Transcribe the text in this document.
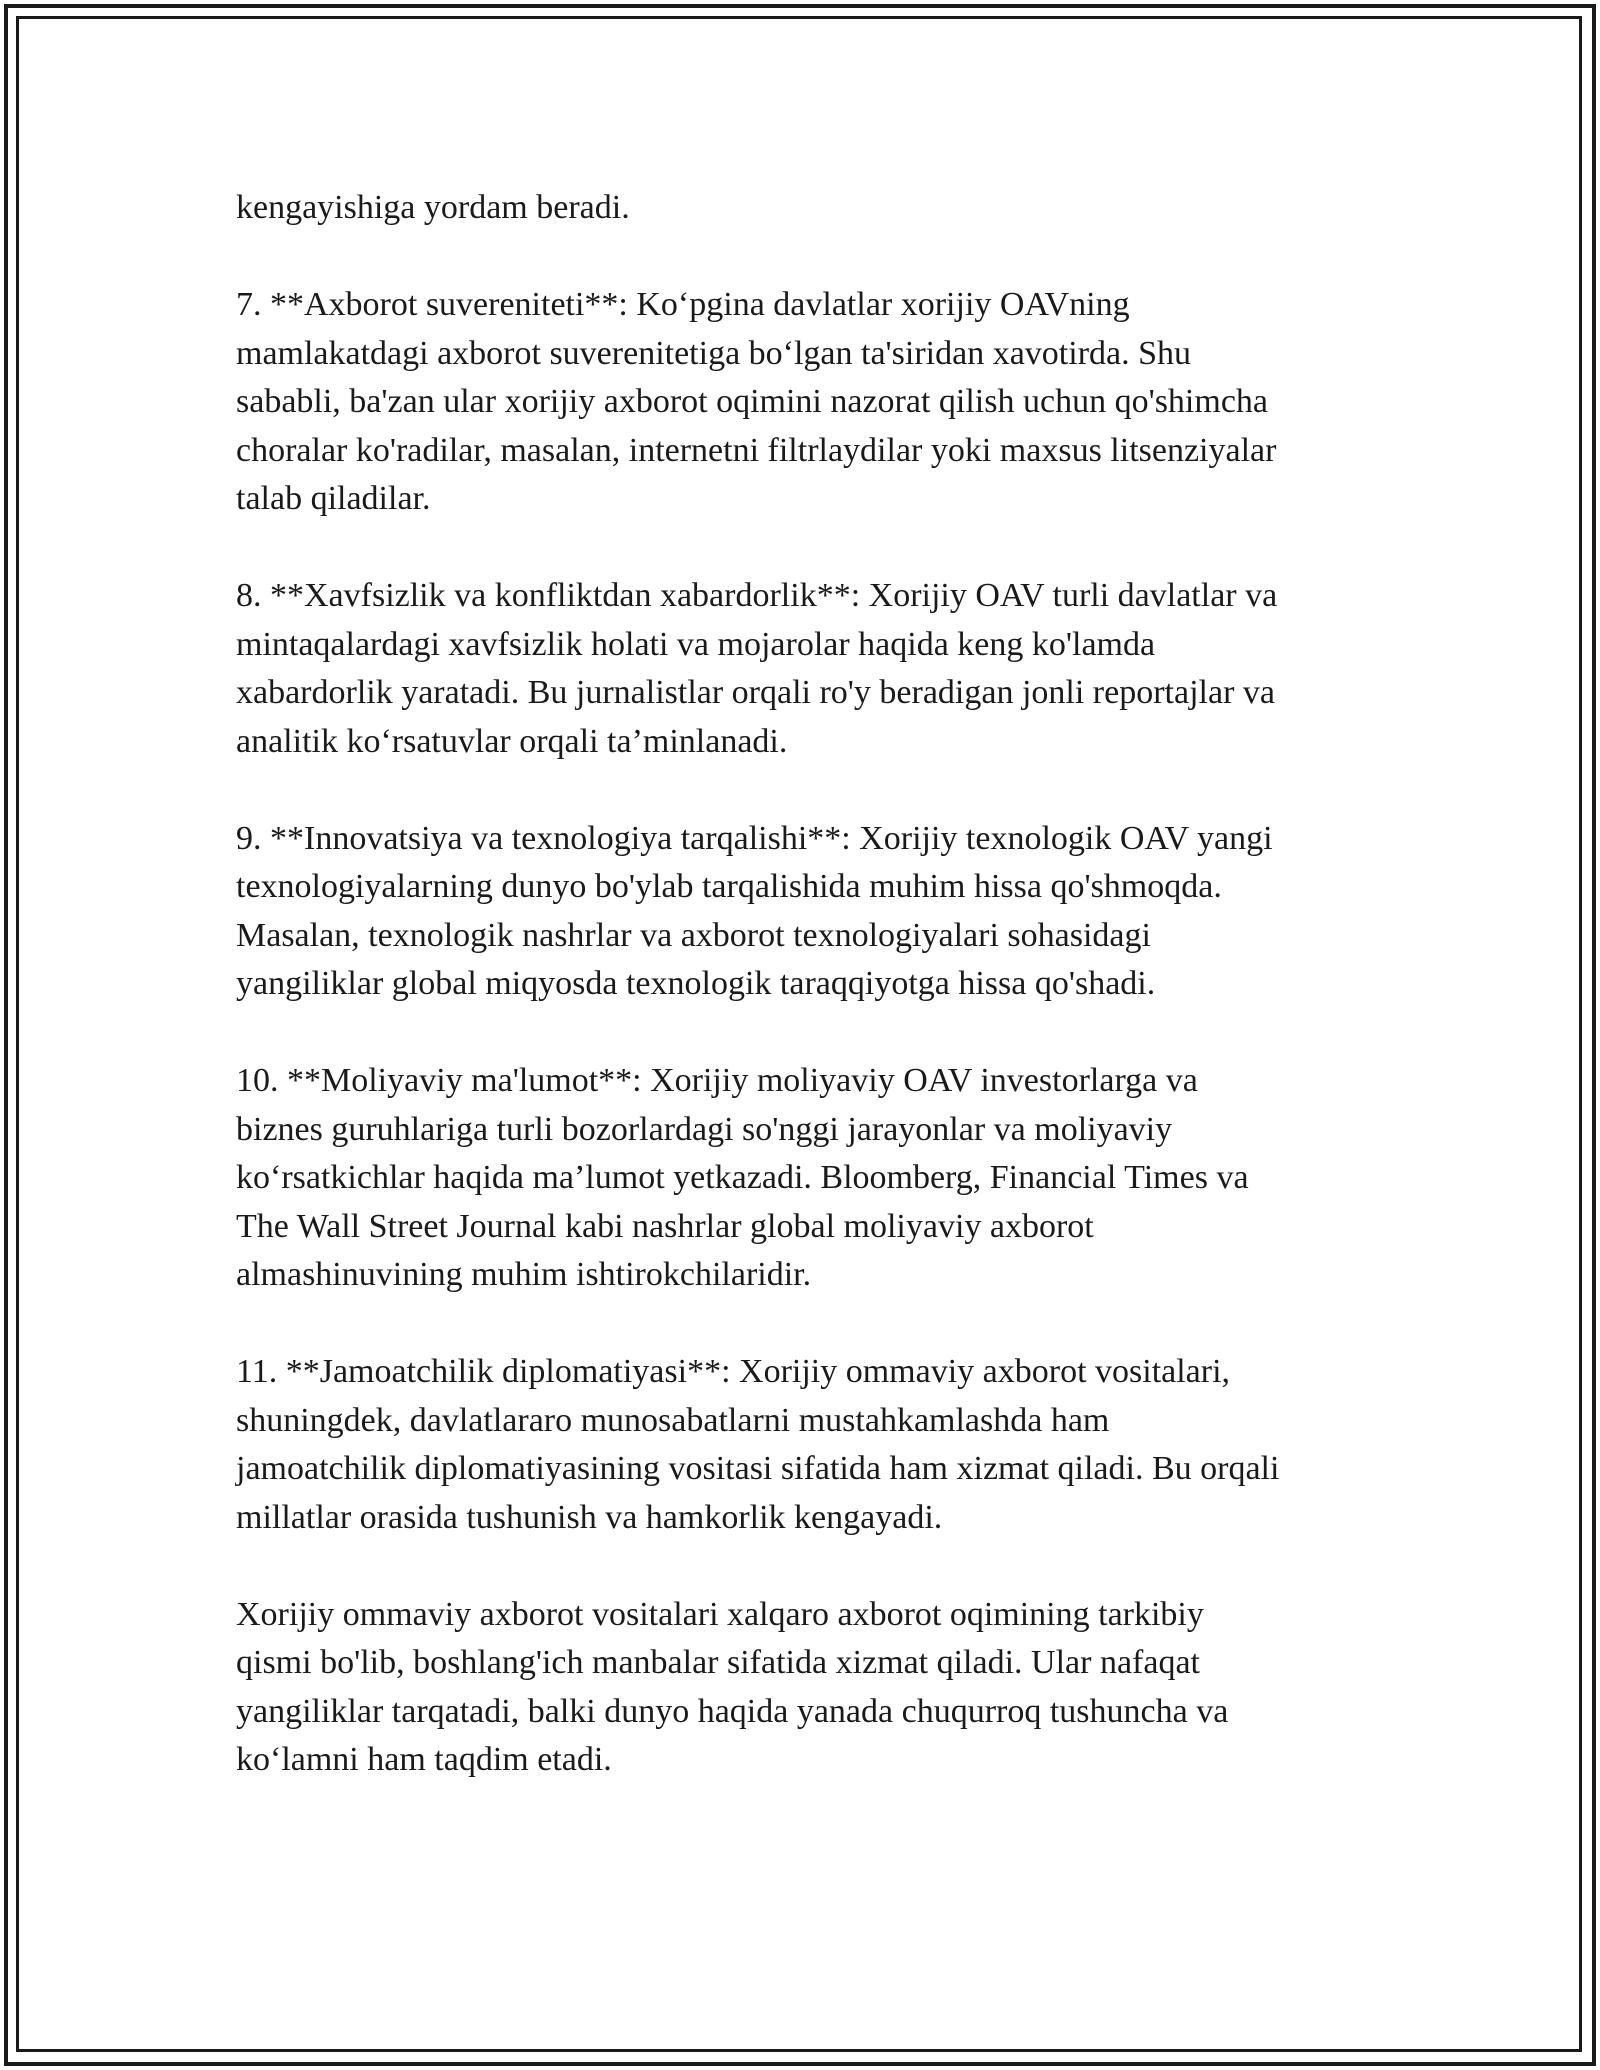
kengayishiga yordam beradi.

7. **Axborot suvereniteti**: Ko‘pgina davlatlar xorijiy OAVning
mamlakatdagi axborot suverenitetiga bo‘lgan ta'siridan xavotirda. Shu
sababli, ba'zan ular xorijiy axborot oqimini nazorat qilish uchun qo'shimcha
choralar ko'radilar, masalan, internetni filtrlaydilar yoki maxsus litsenziyalar
talab qiladilar.

8. **Xavfsizlik va konfliktdan xabardorlik**: Xorijiy OAV turli davlatlar va
mintaqalardagi xavfsizlik holati va mojarolar haqida keng ko'lamda
xabardorlik yaratadi. Bu jurnalistlar orqali ro'y beradigan jonli reportajlar va
analitik ko‘rsatuvlar orqali ta’minlanadi.

9. **Innovatsiya va texnologiya tarqalishi**: Xorijiy texnologik OAV yangi
texnologiyalarning dunyo bo'ylab tarqalishida muhim hissa qo'shmoqda.
Masalan, texnologik nashrlar va axborot texnologiyalari sohasidagi
yangiliklar global miqyosda texnologik taraqqiyotga hissa qo'shadi.

10. **Moliyaviy ma'lumot**: Xorijiy moliyaviy OAV investorlarga va
biznes guruhlariga turli bozorlardagi so'nggi jarayonlar va moliyaviy
ko‘rsatkichlar haqida ma’lumot yetkazadi. Bloomberg, Financial Times va
The Wall Street Journal kabi nashrlar global moliyaviy axborot
almashinuvining muhim ishtirokchilaridir.

11. **Jamoatchilik diplomatiyasi**: Xorijiy ommaviy axborot vositalari,
shuningdek, davlatlararo munosabatlarni mustahkamlashda ham
jamoatchilik diplomatiyasining vositasi sifatida ham xizmat qiladi. Bu orqali
millatlar orasida tushunish va hamkorlik kengayadi.

Xorijiy ommaviy axborot vositalari xalqaro axborot oqimining tarkibiy
qismi bo'lib, boshlang'ich manbalar sifatida xizmat qiladi. Ular nafaqat
yangiliklar tarqatadi, balki dunyo haqida yanada chuqurroq tushuncha va
ko‘lamni ham taqdim etadi.
